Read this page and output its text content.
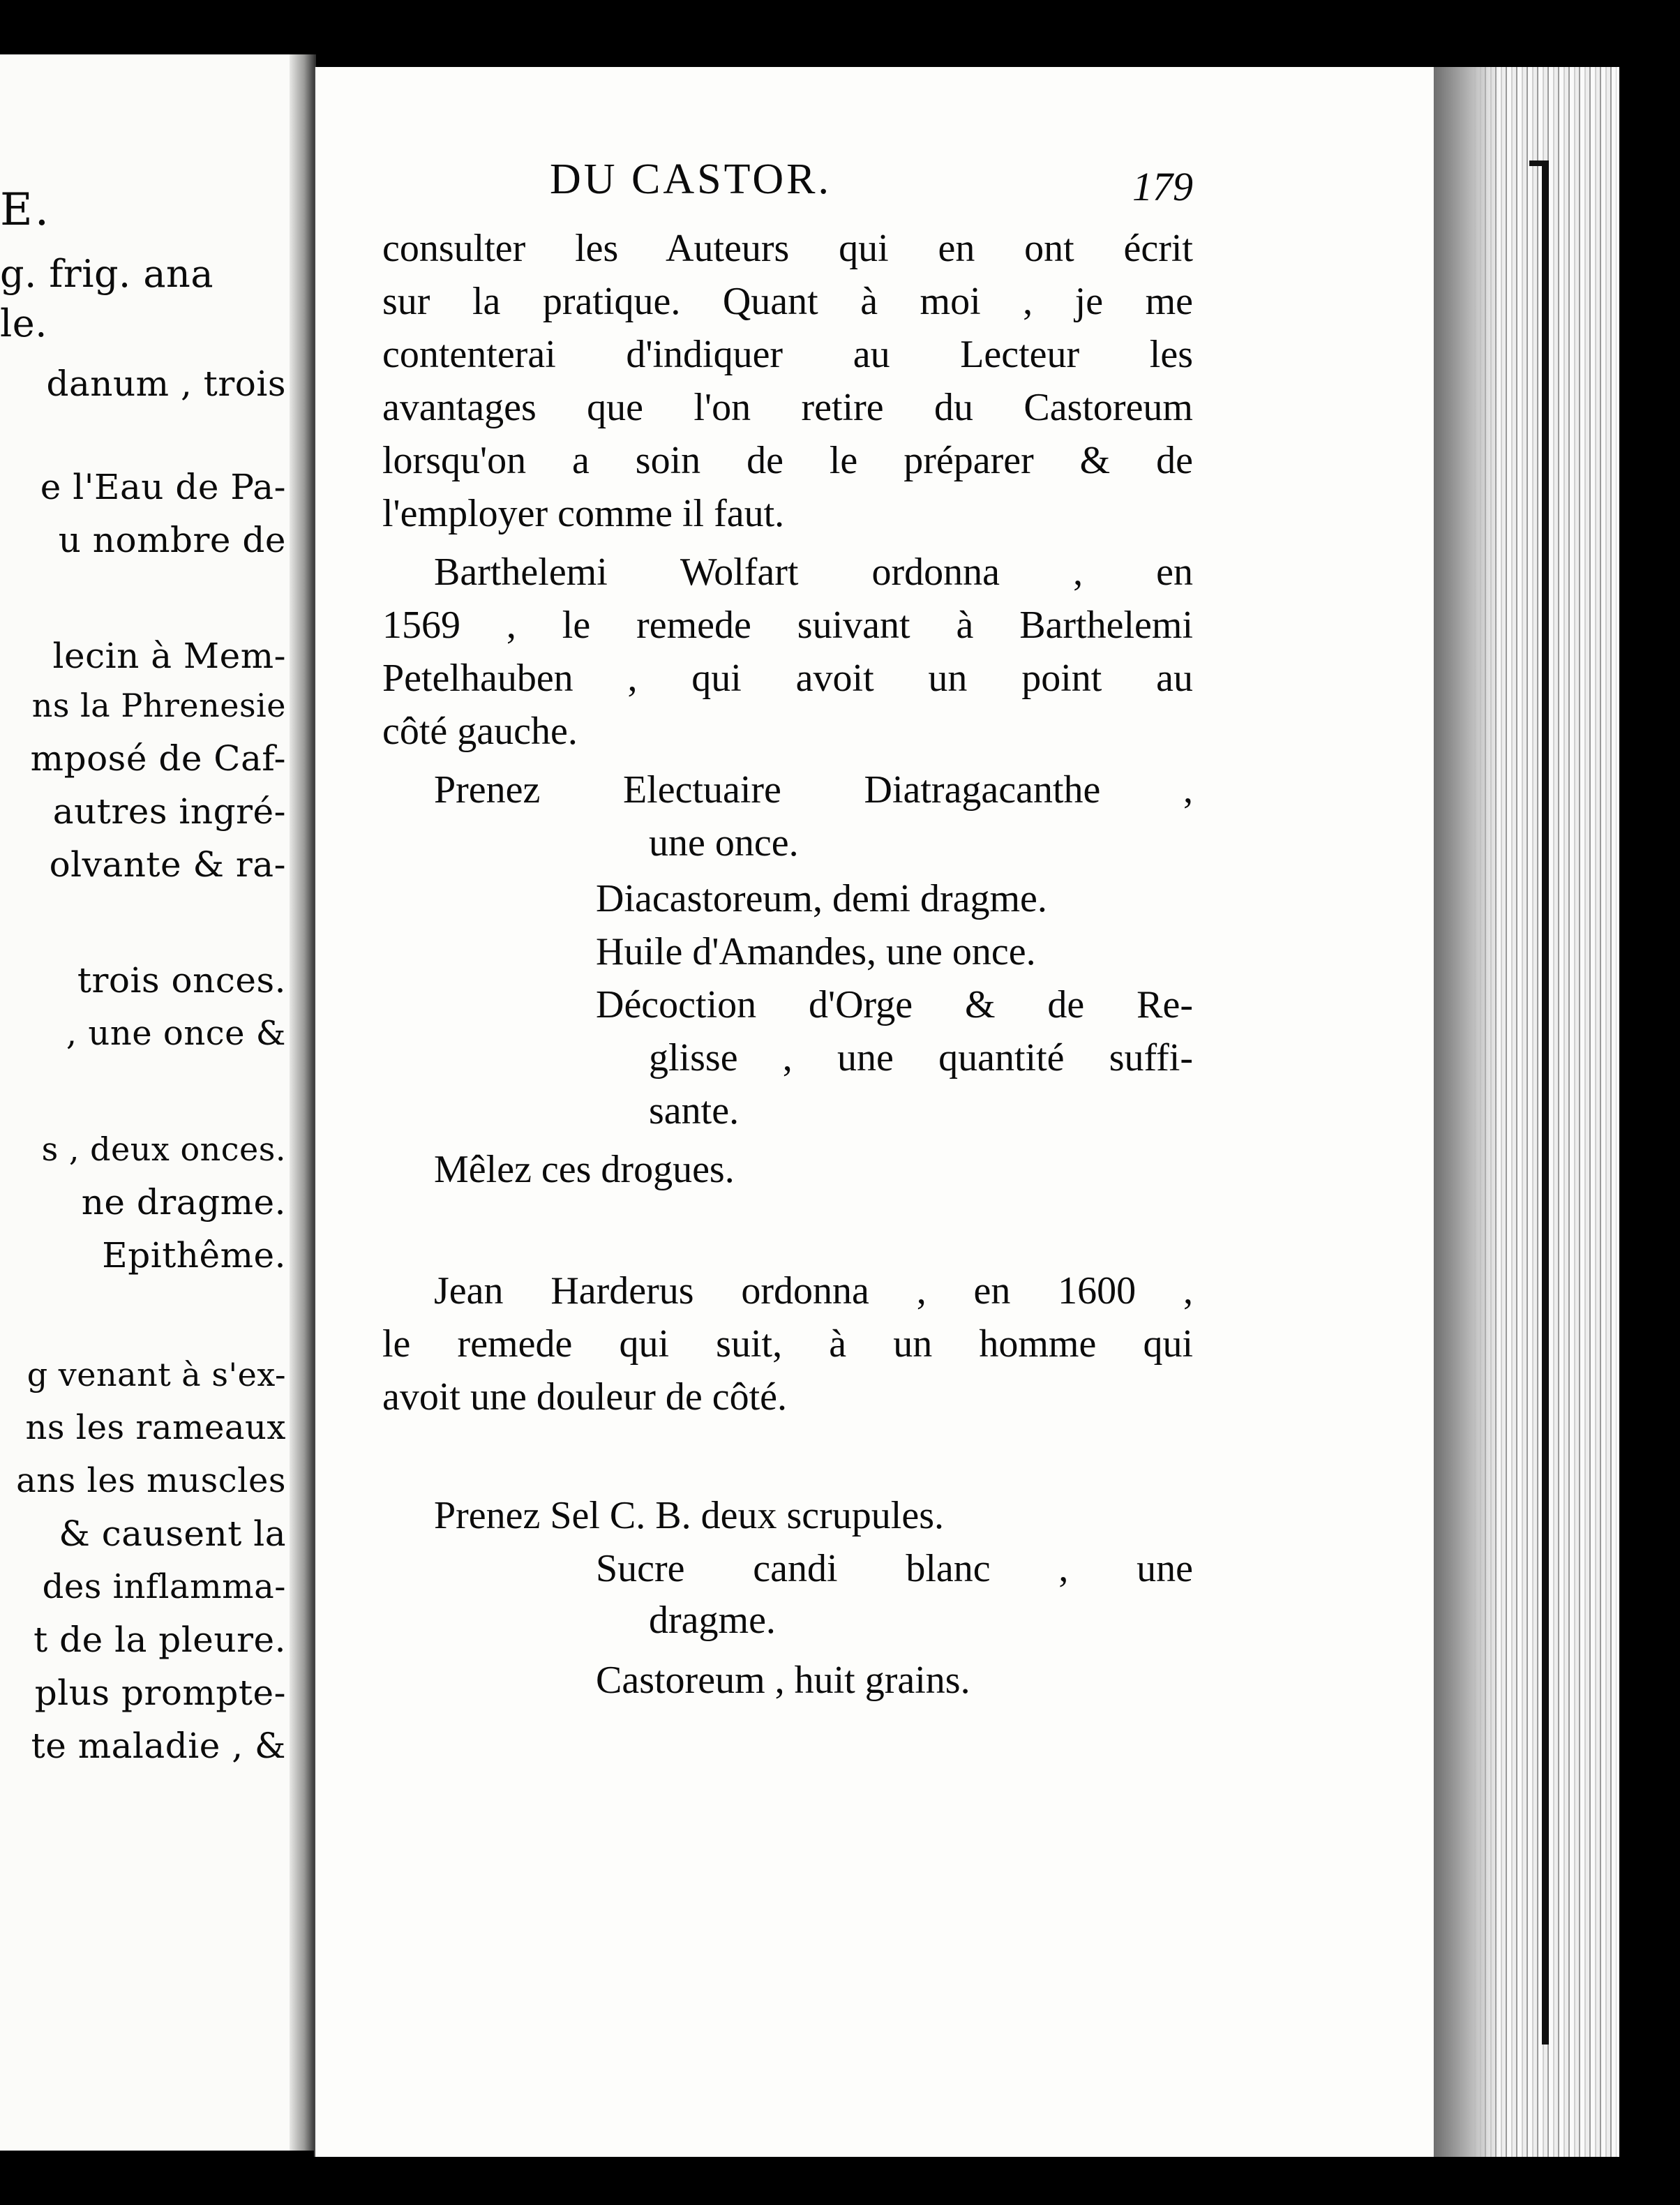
E.
g. frig. ana
le.
danum , trois
e l'Eau de Pa-
u nombre de
lecin à Mem-
ns la Phrenesie
mposé de Caf-
autres ingré-
olvante & ra-
trois onces.
, une once &
s , deux onces.
ne dragme.
Epithême.
g venant à s'ex-
ns les rameaux
ans les muscles
& causent la
des inflamma-
t de la pleure.
plus prompte-
te maladie , &
DU CASTOR.	179
consulter les Auteurs qui en ont écrit
sur la pratique. Quant à moi , je me
contenterai d'indiquer au Lecteur les
avantages que l'on retire du Castoreum
lorsqu'on a soin de le préparer & de
l'employer comme il faut.
Barthelemi Wolfart ordonna , en
1569 , le remede suivant à Barthelemi
Petelhauben , qui avoit un point au
côté gauche.
Prenez Electuaire Diatragacanthe ,
une once.
Diacastoreum, demi dragme.
Huile d'Amandes, une once.
Décoction d'Orge & de Re-
glisse , une quantité suffi-
sante.
Mêlez ces drogues.
Jean Harderus ordonna , en 1600 ,
le remede qui suit, à un homme qui
avoit une douleur de côté.
Prenez Sel C. B. deux scrupules.
Sucre candi blanc , une
dragme.
Castoreum , huit grains.
